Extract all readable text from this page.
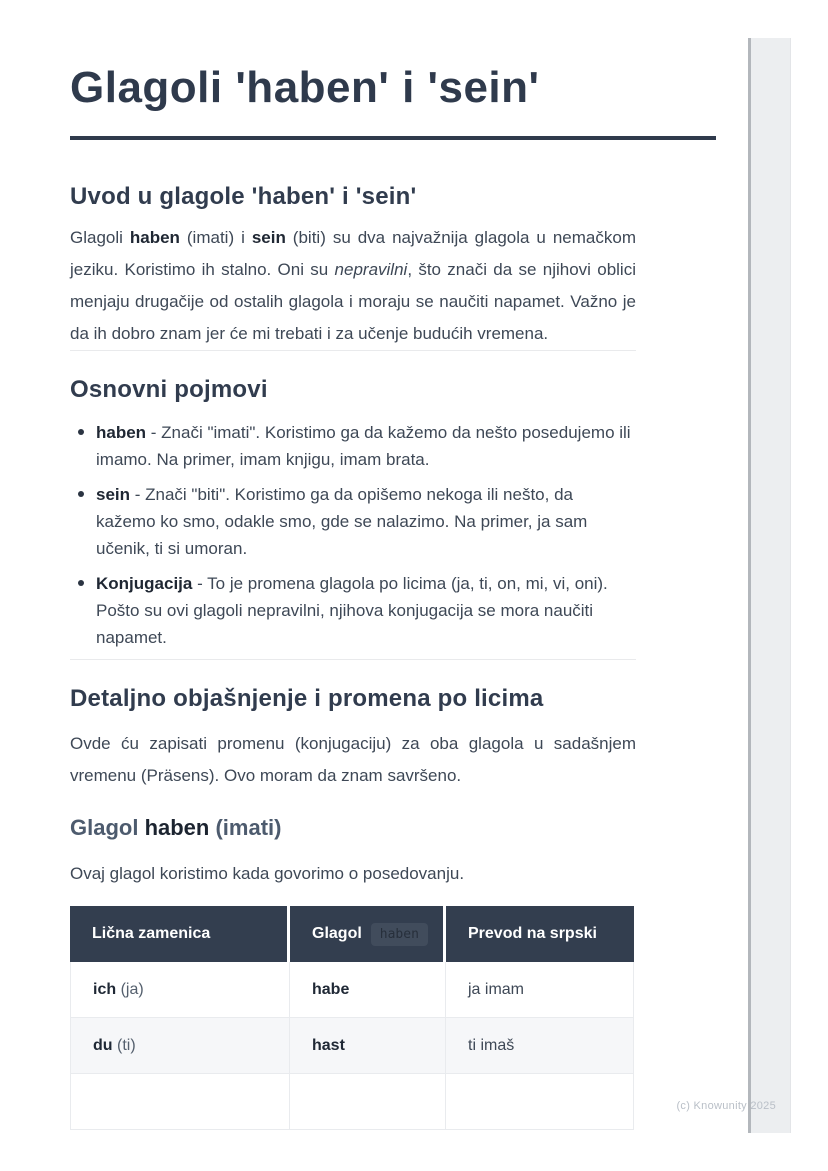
Glagoli 'haben' i 'sein'
Uvod u glagole 'haben' i 'sein'

Glagoli haben (imati) i sein (biti) su dva najvažnija glagola u nemačkom jeziku. Koristimo ih stalno. Oni su nepravilni, što znači da se njihovi oblici menjaju drugačije od ostalih glagola i moraju se naučiti napamet. Važno je da ih dobro znam jer će mi trebati i za učenje budućih vremena.

Osnovni pojmovi
haben - Znači "imati". Koristimo ga da kažemo da nešto posedujemo ili imamo. Na primer, imam knjigu, imam brata.
sein - Znači "biti". Koristimo ga da opišemo nekoga ili nešto, da kažemo ko smo, odakle smo, gde se nalazimo. Na primer, ja sam učenik, ti si umoran.
Konjugacija - To je promena glagola po licima (ja, ti, on, mi, vi, oni). Pošto su ovi glagoli nepravilni, njihova konjugacija se mora naučiti napamet.
Detaljno objašnjenje i promena po licima

Ovde ću zapisati promenu (konjugaciju) za oba glagola u sadašnjem vremenu (Präsens). Ovo moram da znam savršeno.

Glagol haben (imati)

Ovaj glagol koristimo kada govorimo o posedovanju.

Lična zamenica	Glagol haben	Prevod na srpski
ich (ja)	habe	ja imam
du (ti)	hast	ti imaš

(c) Knowunity 2025
